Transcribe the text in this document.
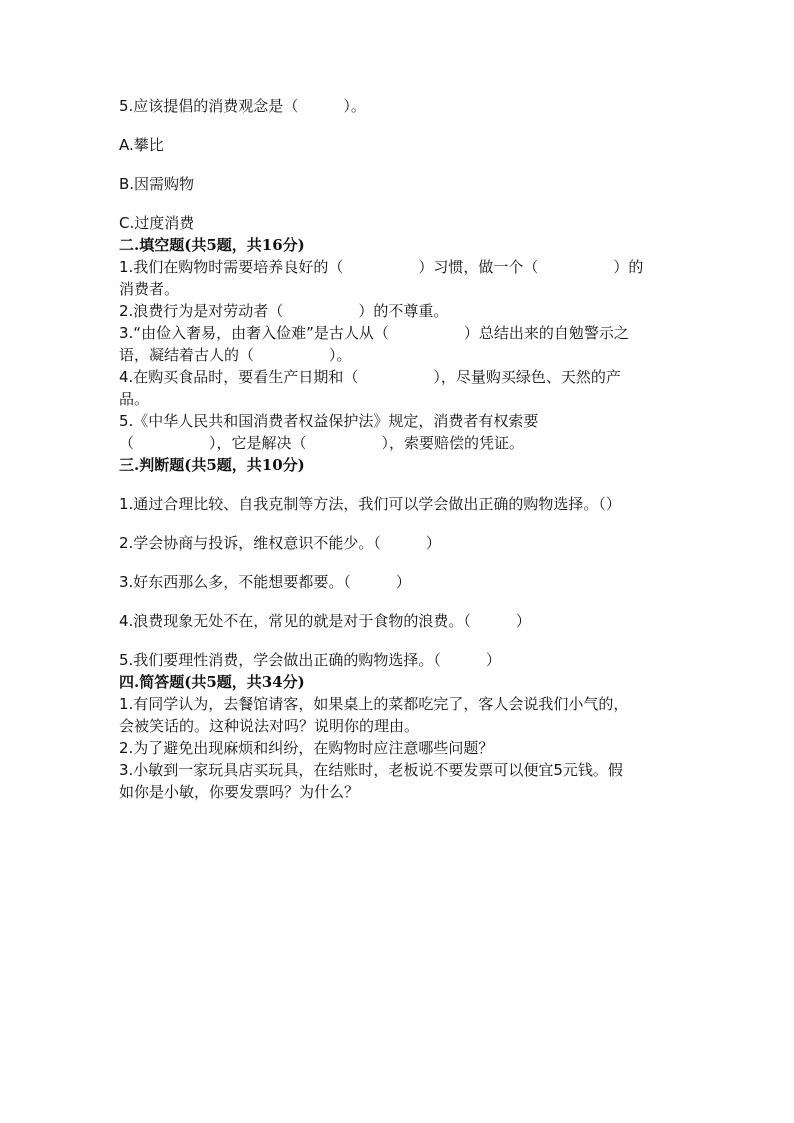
5.应该提倡的消费观念是（　　　）。

A.攀比

B.因需购物

C.过度消费

二.填空题(共5题，共16分)

1.我们在购物时需要培养良好的（　　　　　）习惯，做一个（　　　　　）的

消费者。

2.浪费行为是对劳动者（　　　　　）的不尊重。

3.“由俭入奢易，由奢入俭难”是古人从（　　　　　）总结出来的自勉警示之

语，凝结着古人的（　　　　　）。

4.在购买食品时，要看生产日期和（　　　　　），尽量购买绿色、天然的产

品。

5.《中华人民共和国消费者权益保护法》规定，消费者有权索要

（　　　　　），它是解决（　　　　　），索要赔偿的凭证。

三.判断题(共5题，共10分)

1.通过合理比较、自我克制等方法，我们可以学会做出正确的购物选择。（）

2.学会协商与投诉，维权意识不能少。（　　　）

3.好东西那么多，不能想要都要。（　　　）

4.浪费现象无处不在，常见的就是对于食物的浪费。（　　　）

5.我们要理性消费，学会做出正确的购物选择。（　　　）

四.简答题(共5题，共34分)

1.有同学认为，去餐馆请客，如果桌上的菜都吃完了，客人会说我们小气的，

会被笑话的。这种说法对吗？说明你的理由。

2.为了避免出现麻烦和纠纷，在购物时应注意哪些问题？

3.小敏到一家玩具店买玩具，在结账时，老板说不要发票可以便宜5元钱。假

如你是小敏，你要发票吗？为什么？
